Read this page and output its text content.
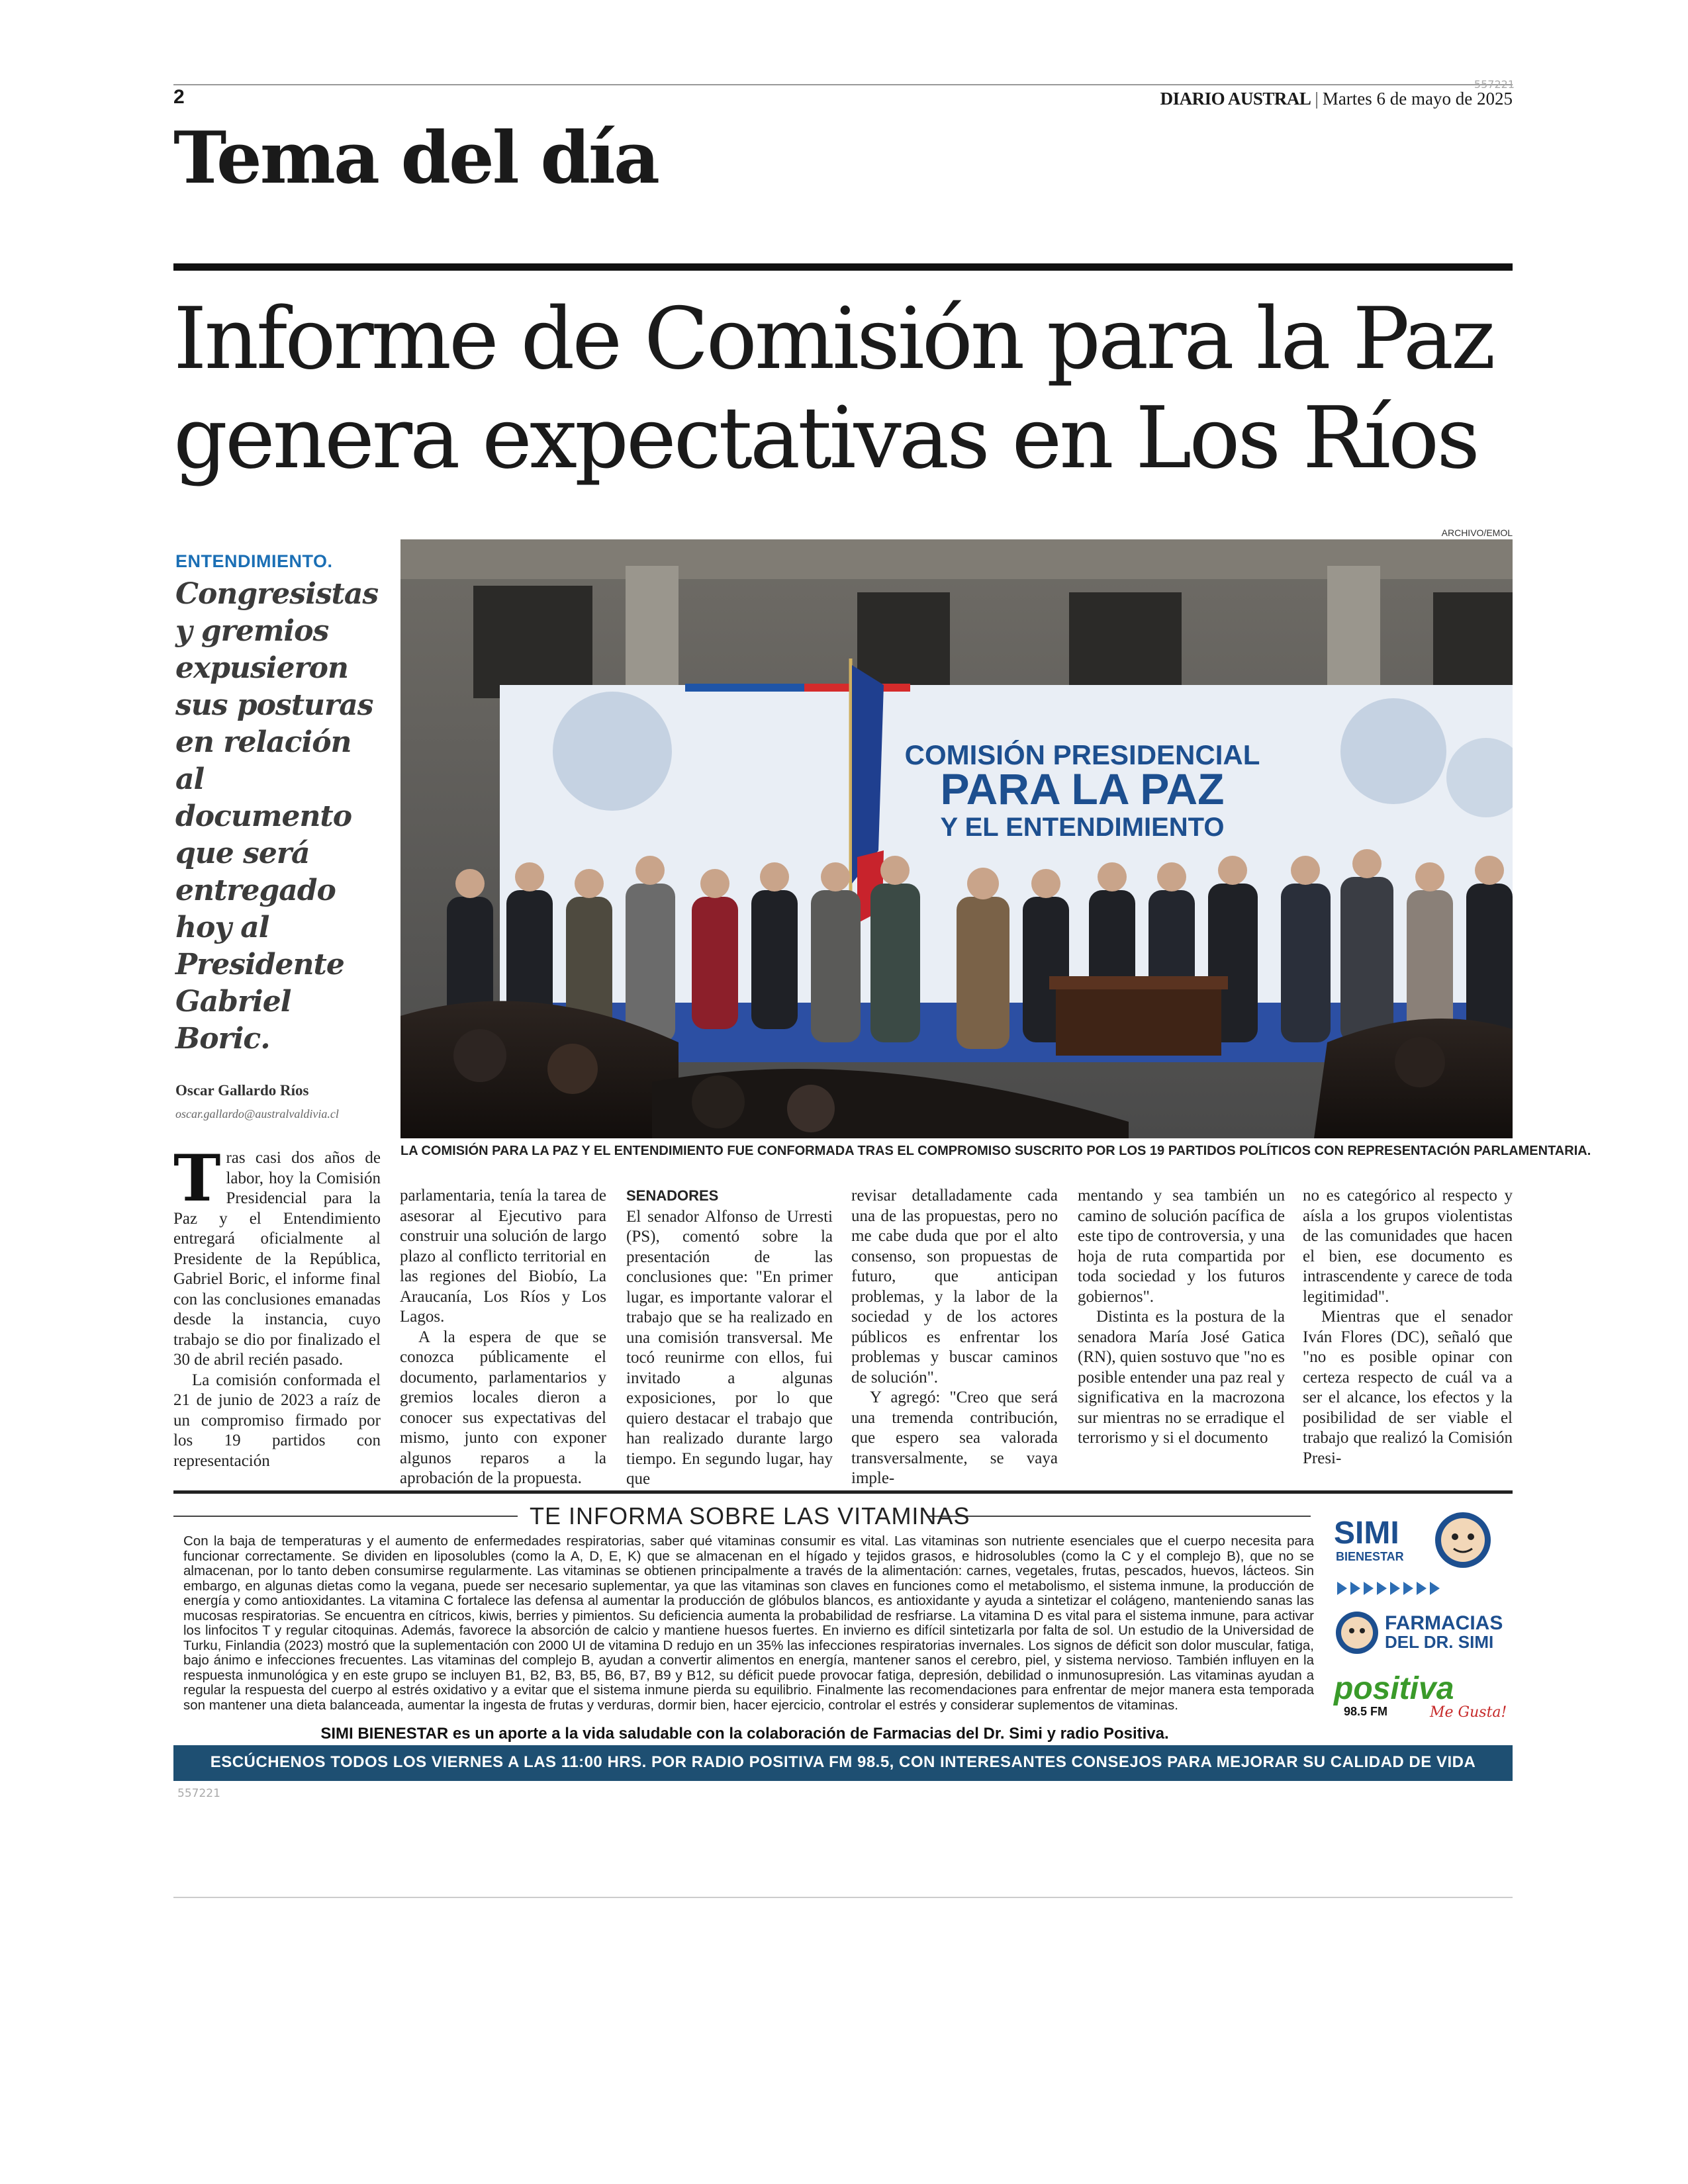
2
557221
DIARIO AUSTRAL | Martes 6 de mayo de 2025
Tema del día
Informe de Comisión para la Paz
genera expectativas en Los Ríos
ENTENDIMIENTO.
Congresistas y gremios expusieron sus posturas en relación al documento que será entregado hoy al Presidente Gabriel Boric.
Oscar Gallardo Ríos
oscar.gallardo@australvaldivia.cl
ARCHIVO/EMOL
COMISIÓN PRESIDENCIAL
PARA LA PAZ
Y EL ENTENDIMIENTO
LA COMISIÓN PARA LA PAZ Y EL ENTENDIMIENTO FUE CONFORMADA TRAS EL COMPROMISO SUSCRITO POR LOS 19 PARTIDOS POLÍTICOS CON REPRESENTACIÓN PARLAMENTARIA.

Tras casi dos años de labor, hoy la Comisión Presidencial para la Paz y el Entendimiento entregará oficialmente al Presidente de la República, Gabriel Boric, el informe final con las conclusiones emanadas desde la instancia, cuyo trabajo se dio por finalizado el 30 de abril recién pasado.

La comisión conformada el 21 de junio de 2023 a raíz de un compromiso firmado por los 19 partidos con representación

parlamentaria, tenía la tarea de asesorar al Ejecutivo para construir una solución de largo plazo al conflicto territorial en las regiones del Biobío, La Araucanía, Los Ríos y Los Lagos.

A la espera de que se conozca públicamente el documento, parlamentarios y gremios locales dieron a conocer sus expectativas del mismo, junto con exponer algunos reparos a la aprobación de la propuesta.

SENADORES

El senador Alfonso de Urresti (PS), comentó sobre la presentación de las conclusiones que: "En primer lugar, es importante valorar el trabajo que se ha realizado en una comisión transversal. Me tocó reunirme con ellos, fui invitado a algunas exposiciones, por lo que quiero destacar el trabajo que han realizado durante largo tiempo. En segundo lugar, hay que

revisar detalladamente cada una de las propuestas, pero no me cabe duda que por el alto consenso, son propuestas de futuro, que anticipan problemas, y la labor de la sociedad y de los actores públicos es enfrentar los problemas y buscar caminos de solución".

Y agregó: "Creo que será una tremenda contribución, que espero sea valorada transversalmente, se vaya imple-

mentando y sea también un camino de solución pacífica de este tipo de controversia, y una hoja de ruta compartida por toda sociedad y los futuros gobiernos".

Distinta es la postura de la senadora María José Gatica (RN), quien sostuvo que "no es posible entender una paz real y significativa en la macrozona sur mientras no se erradique el terrorismo y si el documento

no es categórico al respecto y aísla a los grupos violentistas de las comunidades que hacen el bien, ese documento es intrascendente y carece de toda legitimidad".

Mientras que el senador Iván Flores (DC), señaló que "no es posible opinar con certeza respecto de cuál va a ser el alcance, los efectos y la posibilidad de ser viable el trabajo que realizó la Comisión Presi-

TE INFORMA SOBRE LAS VITAMINAS
Con la baja de temperaturas y el aumento de enfermedades respiratorias, saber qué vitaminas consumir es vital. Las vitaminas son nutriente esenciales que el cuerpo necesita para funcionar correctamente. Se dividen en liposolubles (como la A, D, E, K) que se almacenan en el hígado y tejidos grasos, e hidrosolubles (como la C y el complejo B), que no se almacenan, por lo tanto deben consumirse regularmente. Las vitaminas se obtienen principalmente a través de la alimentación: carnes, vegetales, frutas, pescados, huevos, lácteos. Sin embargo, en algunas dietas como la vegana, puede ser necesario suplementar, ya que las vitaminas son claves en funciones como el metabolismo, el sistema inmune, la producción de energía y como antioxidantes. La vitamina C fortalece las defensa al aumentar la producción de glóbulos blancos, es antioxidante y ayuda a sintetizar el colágeno, manteniendo sanas las mucosas respiratorias. Se encuentra en cítricos, kiwis, berries y pimientos. Su deficiencia aumenta la probabilidad de resfriarse. La vitamina D es vital para el sistema inmune, para activar los linfocitos T y regular citoquinas. Además, favorece la absorción de calcio y mantiene huesos fuertes. En invierno es difícil sintetizarla por falta de sol. Un estudio de la Universidad de Turku, Finlandia (2023) mostró que la suplementación con 2000 UI de vitamina D redujo en un 35% las infecciones respiratorias invernales. Los signos de déficit son dolor muscular, fatiga, bajo ánimo e infecciones frecuentes. Las vitaminas del complejo B, ayudan a convertir alimentos en energía, mantener sanos el cerebro, piel, y sistema nervioso. También influyen en la respuesta inmunológica y en este grupo se incluyen B1, B2, B3, B5, B6, B7, B9 y B12, su déficit puede provocar fatiga, depresión, debilidad o inmunosupresión. Las vitaminas ayudan a regular la respuesta del cuerpo al estrés oxidativo y a evitar que el sistema inmune pierda su equilibrio. Finalmente las recomendaciones para enfrentar de mejor manera esta temporada son mantener una dieta balanceada, aumentar la ingesta de frutas y verduras, dormir bien, hacer ejercicio, controlar el estrés y considerar suplementos de vitaminas.
SIMI
BIENESTAR
FARMACIAS
DEL DR. SIMI
positiva
98.5 FM	Me Gusta!
SIMI BIENESTAR es un aporte a la vida saludable con la colaboración de Farmacias del Dr. Simi y radio Positiva.
ESCÚCHENOS TODOS LOS VIERNES A LAS 11:00 HRS. POR RADIO POSITIVA FM 98.5, CON INTERESANTES CONSEJOS PARA MEJORAR SU CALIDAD DE VIDA
557221
